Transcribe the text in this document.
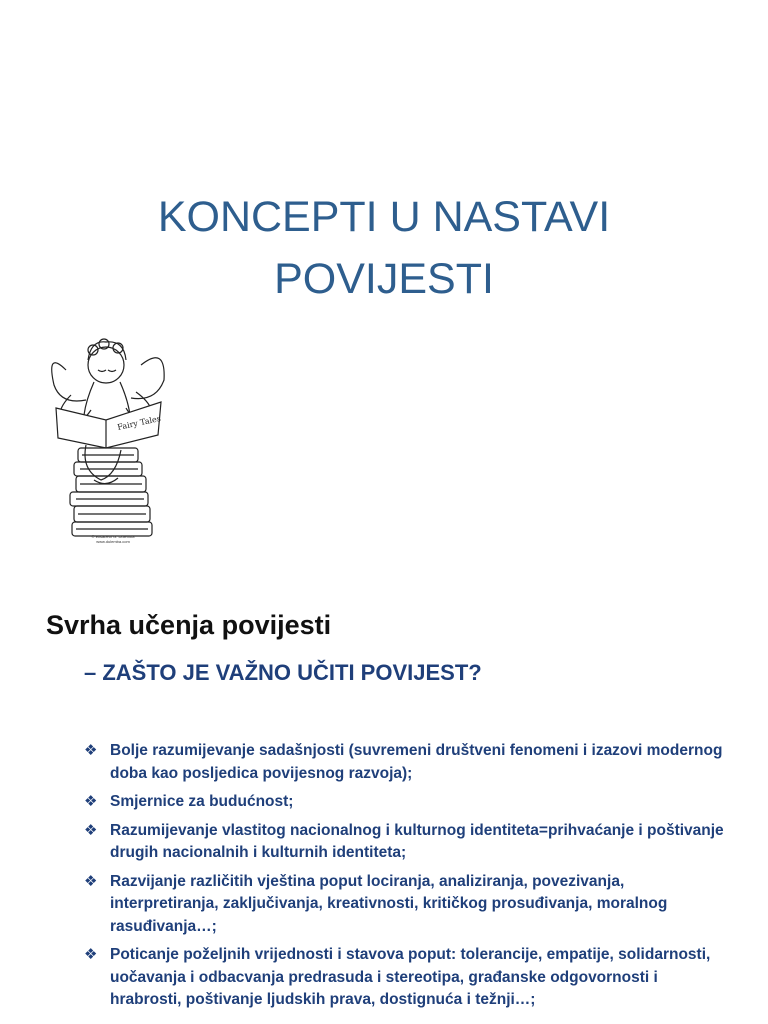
KONCEPTI U NASTAVI
POVIJESTI
Fairy Tales
© Elisabeth G. Dulemba
www.dulemba.com
Svrha učenja povijesti
– ZAŠTO JE VAŽNO UČITI POVIJEST?
❖ Bolje razumijevanje sadašnjosti (suvremeni društveni fenomeni i izazovi modernog doba kao posljedica povijesnog razvoja);
❖ Smjernice za budućnost;
❖ Razumijevanje vlastitog nacionalnog i kulturnog identiteta=prihvaćanje i poštivanje drugih nacionalnih i kulturnih identiteta;
❖ Razvijanje različitih vještina poput lociranja, analiziranja, povezivanja, interpretiranja, zaključivanja, kreativnosti, kritičkog prosuđivanja, moralnog rasuđivanja…;
❖ Poticanje poželjnih vrijednosti i stavova poput: tolerancije, empatije, solidarnosti, uočavanja i odbacvanja predrasuda i stereotipa, građanske odgovornosti i hrabrosti, poštivanje ljudskih prava, dostignuća i težnji…;
